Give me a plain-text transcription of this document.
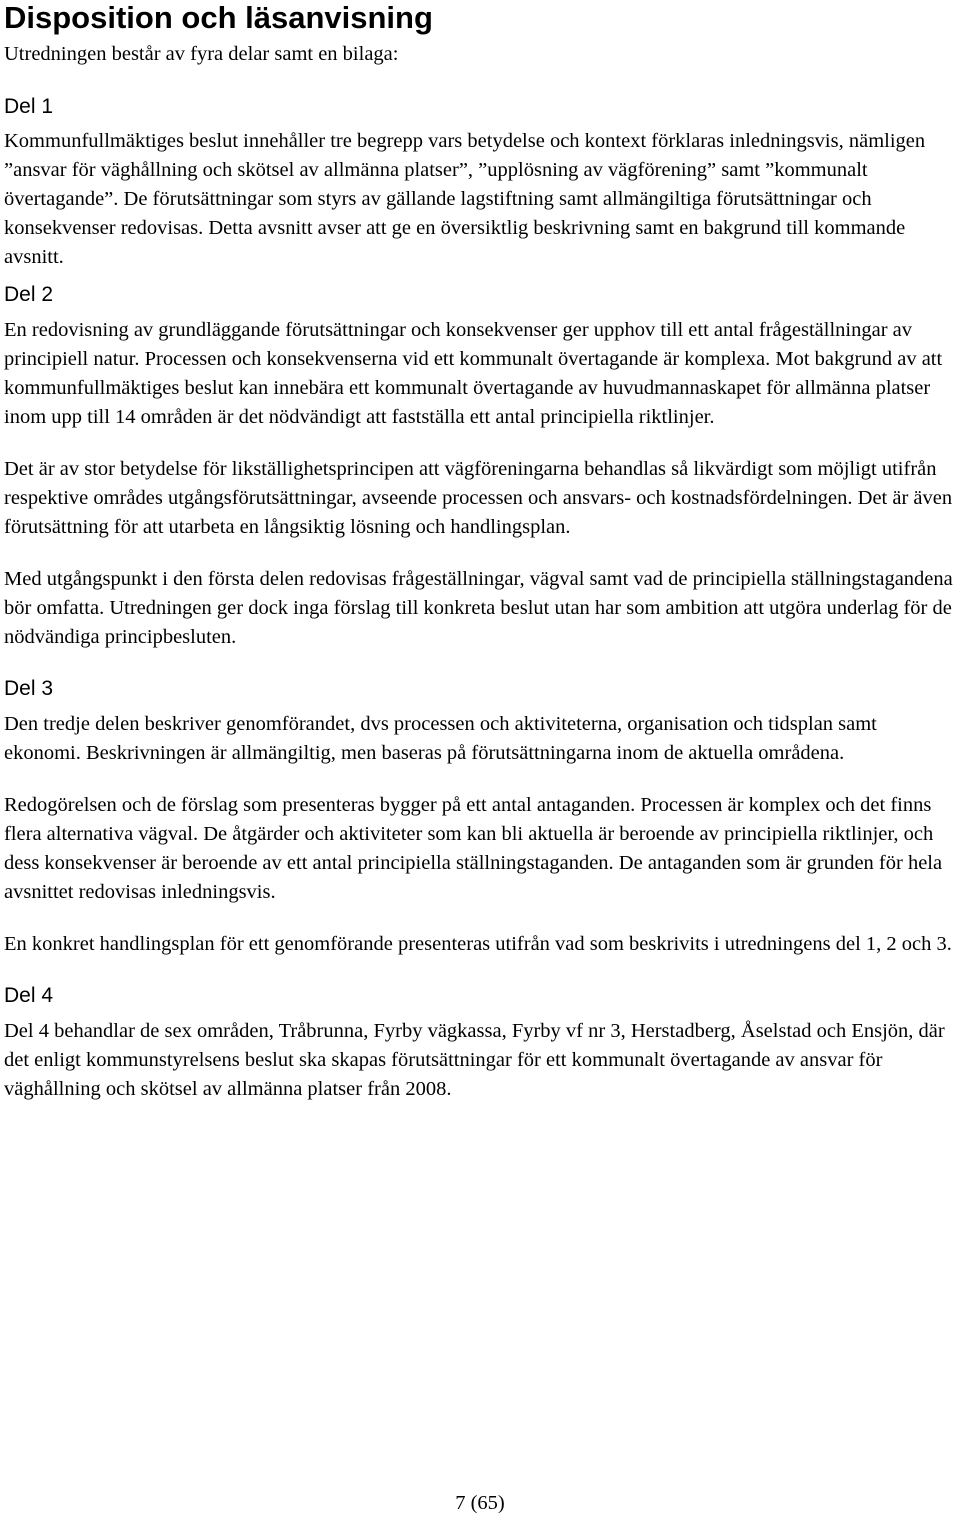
Disposition och läsanvisning
Utredningen består av fyra delar samt en bilaga:
Del 1

Kommunfullmäktiges beslut innehåller tre begrepp vars betydelse och kontext förklaras inledningsvis, nämligen ”ansvar för väghållning och skötsel av allmänna platser”, ”upplösning av vägförening” samt ”kommunalt övertagande”. De förutsättningar som styrs av gällande lagstiftning samt allmängiltiga förutsättningar och konsekvenser redovisas. Detta avsnitt avser att ge en översiktlig beskrivning samt en bakgrund till kommande avsnitt.

Del 2

En redovisning av grundläggande förutsättningar och konsekvenser ger upphov till ett antal frågeställningar av principiell natur. Processen och konsekvenserna vid ett kommunalt övertagande är komplexa. Mot bakgrund av att kommunfullmäktiges beslut kan innebära ett kommunalt övertagande av huvudmannaskapet för allmänna platser inom upp till 14 områden är det nödvändigt att fastställa ett antal principiella riktlinjer.

Det är av stor betydelse för likställighetsprincipen att vägföreningarna behandlas så likvärdigt som möjligt utifrån respektive områdes utgångsförutsättningar, avseende processen och ansvars- och kostnadsfördelningen. Det är även förutsättning för att utarbeta en långsiktig lösning och handlingsplan.

Med utgångspunkt i den första delen redovisas frågeställningar, vägval samt vad de principiella ställningstagandena bör omfatta. Utredningen ger dock inga förslag till konkreta beslut utan har som ambition att utgöra underlag för de nödvändiga principbesluten.

Del 3

Den tredje delen beskriver genomförandet, dvs processen och aktiviteterna, organisation och tidsplan samt ekonomi. Beskrivningen är allmängiltig, men baseras på förutsättningarna inom de aktuella områdena.

Redogörelsen och de förslag som presenteras bygger på ett antal antaganden. Processen är komplex och det finns flera alternativa vägval. De åtgärder och aktiviteter som kan bli aktuella är beroende av principiella riktlinjer, och dess konsekvenser är beroende av ett antal principiella ställningstaganden. De antaganden som är grunden för hela avsnittet redovisas inledningsvis.

En konkret handlingsplan för ett genomförande presenteras utifrån vad som beskrivits i utredningens del 1, 2 och 3.

Del 4

Del 4 behandlar de sex områden, Tråbrunna, Fyrby vägkassa, Fyrby vf nr 3, Herstadberg, Åselstad och Ensjön, där det enligt kommunstyrelsens beslut ska skapas förutsättningar för ett kommunalt övertagande av ansvar för väghållning och skötsel av allmänna platser från 2008.

7 (65)
